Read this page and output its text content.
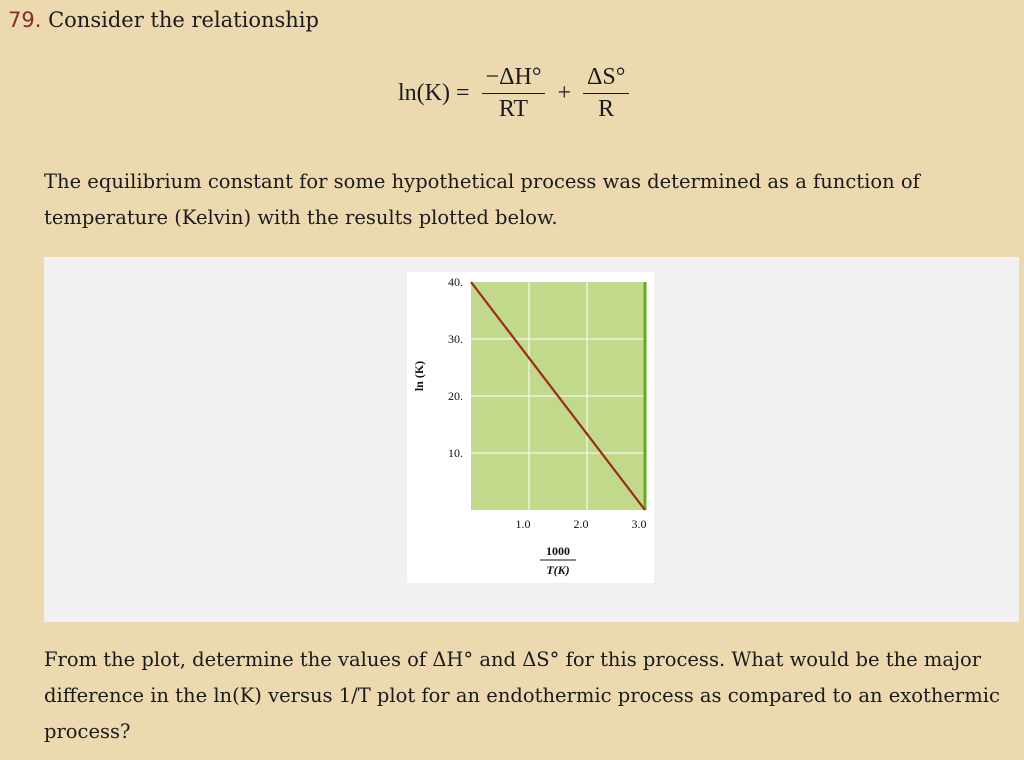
79. Consider the relationship
$\ln(K) = \frac{-\Delta H^\circ}{RT} + \frac{\Delta S^\circ}{R}$
The equilibrium constant for some hypothetical process was determined as a function of temperature (Kelvin) with the results plotted below.
40.
30.
20.
10.
1.0	2.0	3.0
ln (K)
1000
T(K)
From the plot, determine the values of ΔH° and ΔS° for this process. What would be the major difference in the ln(K) versus 1/T plot for an endothermic process as compared to an exothermic process?
